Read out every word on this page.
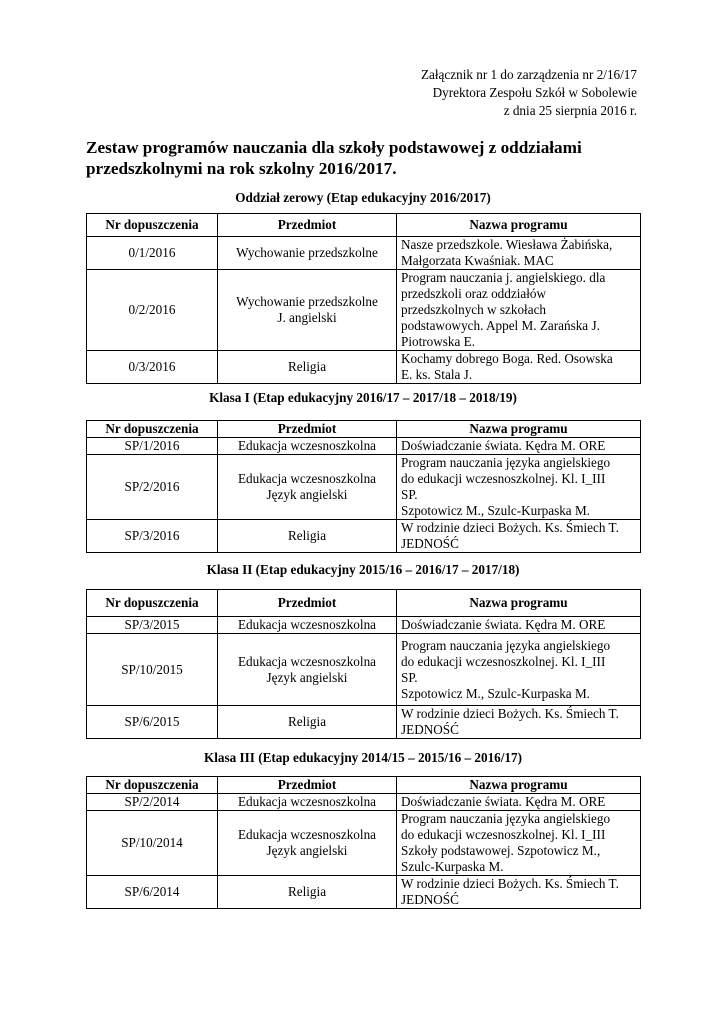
Załącznik nr 1 do zarządzenia nr 2/16/17
Dyrektora Zespołu Szkół w Sobolewie
z dnia 25 sierpnia 2016 r.
Zestaw programów nauczania dla szkoły podstawowej z oddziałami
przedszkolnymi na rok szkolny 2016/2017.

Oddział zerowy (Etap edukacyjny 2016/2017)

Nr dopuszczenia	Przedmiot	Nazwa programu
0/1/2016	Wychowanie przedszkolne	Nasze przedszkole. Wiesława Żabińska,
Małgorzata Kwaśniak. MAC

0/2/2016	Wychowanie przedszkolne
J. angielski	Program nauczania j. angielskiego. dla
przedszkoli oraz oddziałów
przedszkolnych w szkołach
podstawowych. Appel M. Zarańska J.
Piotrowska E.

0/3/2016	Religia	Kochamy dobrego Boga. Red. Osowska
E. ks. Stala J.

Klasa I (Etap edukacyjny 2016/17 – 2017/18 – 2018/19)

Nr dopuszczenia	Przedmiot	Nazwa programu
SP/1/2016	Edukacja wczesnoszkolna	Doświadczanie świata. Kędra M. ORE

SP/2/2016	Edukacja wczesnoszkolna
Język angielski	Program nauczania języka angielskiego
do edukacji wczesnoszkolnej. Kl. I_III
SP.
Szpotowicz M., Szulc-Kurpaska M.

SP/3/2016	Religia	W rodzinie dzieci Bożych. Ks. Śmiech T.
JEDNOŚĆ

Klasa II (Etap edukacyjny 2015/16 – 2016/17 – 2017/18)

Nr dopuszczenia	Przedmiot	Nazwa programu
SP/3/2015	Edukacja wczesnoszkolna	Doświadczanie świata. Kędra M. ORE

SP/10/2015	Edukacja wczesnoszkolna
Język angielski	Program nauczania języka angielskiego
do edukacji wczesnoszkolnej. Kl. I_III
SP.
Szpotowicz M., Szulc-Kurpaska M.

SP/6/2015	Religia	W rodzinie dzieci Bożych. Ks. Śmiech T.
JEDNOŚĆ

Klasa III (Etap edukacyjny 2014/15 – 2015/16 – 2016/17)

Nr dopuszczenia	Przedmiot	Nazwa programu
SP/2/2014	Edukacja wczesnoszkolna	Doświadczanie świata. Kędra M. ORE

SP/10/2014	Edukacja wczesnoszkolna
Język angielski	Program nauczania języka angielskiego
do edukacji wczesnoszkolnej. Kl. I_III
Szkoły podstawowej. Szpotowicz M.,
Szulc-Kurpaska M.

SP/6/2014	Religia	W rodzinie dzieci Bożych. Ks. Śmiech T.
JEDNOŚĆ
